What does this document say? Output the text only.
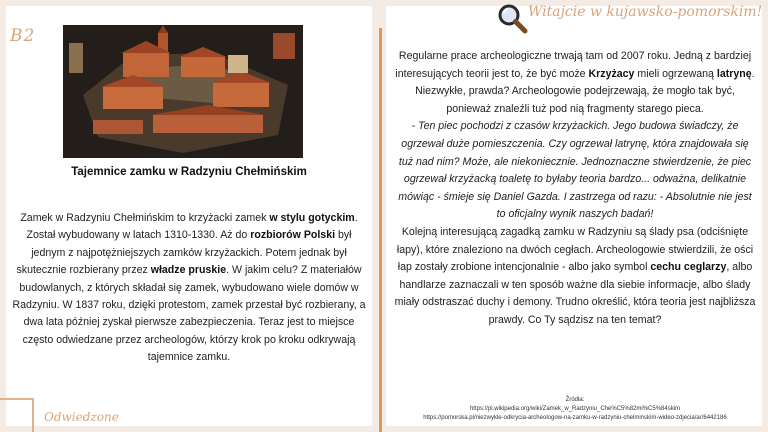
B2
Tajemnice zamku w Radzyniu Chełmińskim
Zamek w Radzyniu Chełmińskim to krzyżacki zamek w stylu gotyckim. Został wybudowany w latach 1310-1330. Aż do rozbiorów Polski był jednym z najpotężniejszych zamków krzyżackich. Potem jednak był skutecznie rozbierany przez władze pruskie. W jakim celu? Z materiałów budowlanych, z których składał się zamek, wybudowano wiele domów w Radzyniu. W 1837 roku, dzięki protestom, zamek przestał być rozbierany, a dwa lata później zyskał pierwsze zabezpieczenia. Teraz jest to miejsce często odwiedzane przez archeologów, którzy krok po kroku odkrywają tajemnice zamku.
Regularne prace archeologiczne trwają tam od 2007 roku. Jedną z bardziej interesujących teorii jest to, że być może Krzyżacy mieli ogrzewaną latrynę. Niezwykłe, prawda? Archeologowie podejrzewają, że mogło tak być, ponieważ znaleźli tuż pod nią fragmenty starego pieca.
- Ten piec pochodzi z czasów krzyżackich. Jego budowa świadczy, że ogrzewał duże pomieszczenia. Czy ogrzewał latrynę, która znajdowała się tuż nad nim? Może, ale niekoniecznie. Jednoznaczne stwierdzenie, że piec ogrzewał krzyżacką toaletę to byłaby teoria bardzo... odważna, delikatnie mówiąc - śmieje się Daniel Gazda. I zastrzega od razu: - Absolutnie nie jest to oficjalny wynik naszych badań!
Kolejną interesującą zagadką zamku w Radzyniu są ślady psa (odciśnięte łapy), które znaleziono na dwóch cegłach. Archeologowie stwierdzili, że ości łap zostały zrobione intencjonalnie - albo jako symbol cechu ceglarzy, albo handlarze zaznaczali w ten sposób ważne dla siebie informacje, albo ślady miały odstraszać duchy i demony. Trudno określić, która teoria jest najbliższa prawdy. Co Ty sądzisz na ten temat?
Źródła:
https://pl.wikipedia.org/wiki/Zamek_w_Radzyniu_Che%C5%82mi%C5%84skim
https://pomorska.pl/niezwykle-odkrycia-archeologow-na-zamku-w-radzyniu-chelminskim-wideo-zdjecia/ar/6442186
Witajcie w kujawsko-pomorskim!
Odwiedzone
